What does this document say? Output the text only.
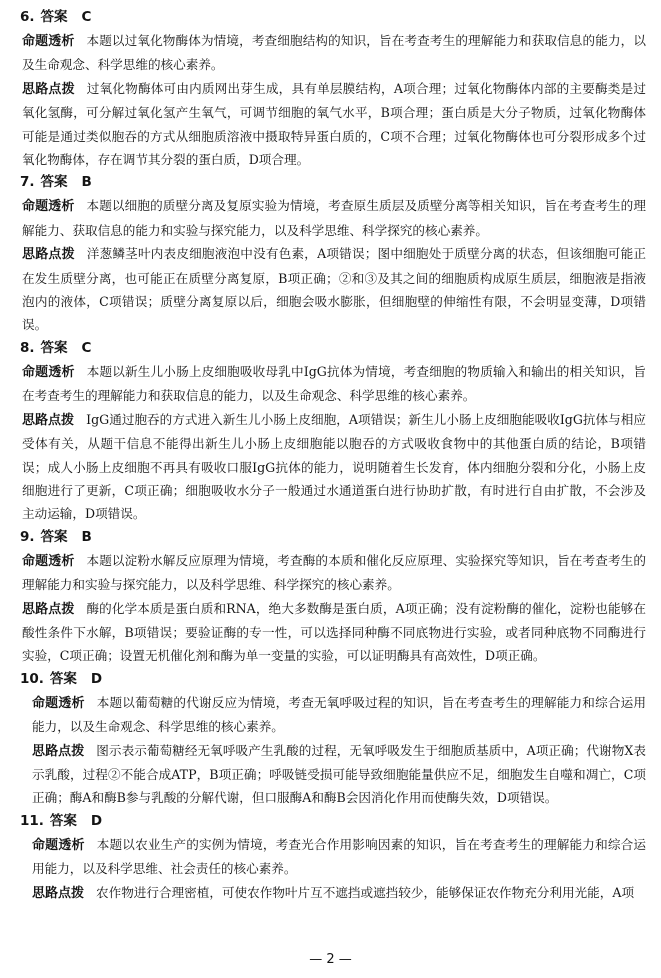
6. 答案 C

命题透析 本题以过氧化物酶体为情境，考查细胞结构的知识，旨在考查考生的理解能力和获取信息的能力，以及生命观念、科学思维的核心素养。

思路点拨 过氧化物酶体可由内质网出芽生成，具有单层膜结构，A项合理；过氧化物酶体内部的主要酶类是过氧化氢酶，可分解过氧化氢产生氧气，可调节细胞的氧气水平，B项合理；蛋白质是大分子物质，过氧化物酶体可能是通过类似胞吞的方式从细胞质溶液中摄取特异蛋白质的，C项不合理；过氧化物酶体也可分裂形成多个过氧化物酶体，存在调节其分裂的蛋白质，D项合理。

7. 答案 B

命题透析 本题以细胞的质壁分离及复原实验为情境，考查原生质层及质壁分离等相关知识，旨在考查考生的理解能力、获取信息的能力和实验与探究能力，以及科学思维、科学探究的核心素养。

思路点拨 洋葱鳞茎叶内表皮细胞液泡中没有色素，A项错误；图中细胞处于质壁分离的状态，但该细胞可能正在发生质壁分离，也可能正在质壁分离复原，B项正确；②和③及其之间的细胞质构成原生质层，细胞液是指液泡内的液体，C项错误；质壁分离复原以后，细胞会吸水膨胀，但细胞壁的伸缩性有限，不会明显变薄，D项错误。

8. 答案 C

命题透析 本题以新生儿小肠上皮细胞吸收母乳中IgG抗体为情境，考查细胞的物质输入和输出的相关知识，旨在考查考生的理解能力和获取信息的能力，以及生命观念、科学思维的核心素养。

思路点拨 IgG通过胞吞的方式进入新生儿小肠上皮细胞，A项错误；新生儿小肠上皮细胞能吸收IgG抗体与相应受体有关，从题干信息不能得出新生儿小肠上皮细胞能以胞吞的方式吸收食物中的其他蛋白质的结论，B项错误；成人小肠上皮细胞不再具有吸收口服IgG抗体的能力，说明随着生长发育，体内细胞分裂和分化，小肠上皮细胞进行了更新，C项正确；细胞吸收水分子一般通过水通道蛋白进行协助扩散，有时进行自由扩散，不会涉及主动运输，D项错误。

9. 答案 B

命题透析 本题以淀粉水解反应原理为情境，考查酶的本质和催化反应原理、实验探究等知识，旨在考查考生的理解能力和实验与探究能力，以及科学思维、科学探究的核心素养。

思路点拨 酶的化学本质是蛋白质和RNA，绝大多数酶是蛋白质，A项正确；没有淀粉酶的催化，淀粉也能够在酸性条件下水解，B项错误；要验证酶的专一性，可以选择同种酶不同底物进行实验，或者同种底物不同酶进行实验，C项正确；设置无机催化剂和酶为单一变量的实验，可以证明酶具有高效性，D项正确。

10. 答案 D

命题透析 本题以葡萄糖的代谢反应为情境，考查无氧呼吸过程的知识，旨在考查考生的理解能力和综合运用能力，以及生命观念、科学思维的核心素养。

思路点拨 图示表示葡萄糖经无氧呼吸产生乳酸的过程，无氧呼吸发生于细胞质基质中，A项正确；代谢物X表示乳酸，过程②不能合成ATP，B项正确；呼吸链受损可能导致细胞能量供应不足，细胞发生自噬和凋亡，C项正确；酶A和酶B参与乳酸的分解代谢，但口服酶A和酶B会因消化作用而使酶失效，D项错误。

11. 答案 D

命题透析 本题以农业生产的实例为情境，考查光合作用影响因素的知识，旨在考查考生的理解能力和综合运用能力，以及科学思维、社会责任的核心素养。

思路点拨 农作物进行合理密植，可使农作物叶片互不遮挡或遮挡较少，能够保证农作物充分利用光能，A项

— 2 —
